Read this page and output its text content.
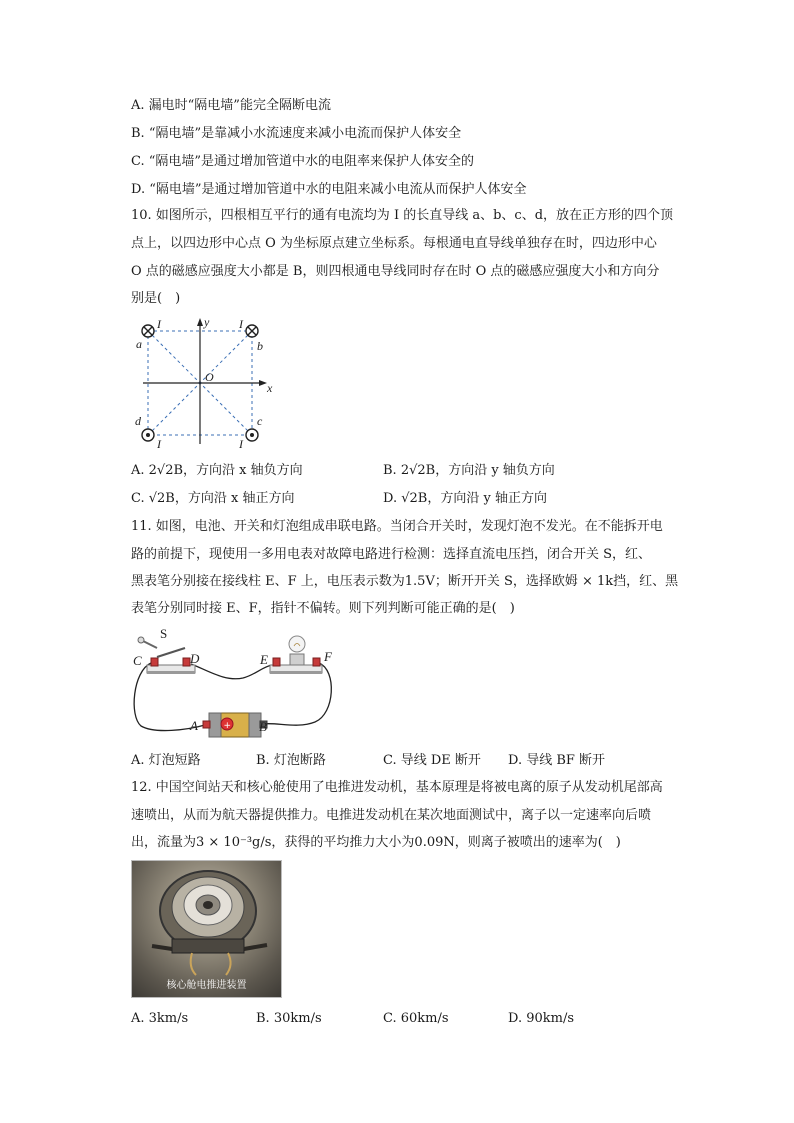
A. 漏电时“隔电墙”能完全隔断电流
B. “隔电墙”是靠减小水流速度来减小电流而保护人体安全
C. “隔电墙”是通过增加管道中水的电阻率来保护人体安全的
D. “隔电墙”是通过增加管道中水的电阻来减小电流从而保护人体安全
10. 如图所示，四根相互平行的通有电流均为 I 的长直导线 a、b、c、d，放在正方形的四个顶
点上，以四边形中心点 O 为坐标原点建立坐标系。每根通电直导线单独存在时，四边形中心
O 点的磁感应强度大小都是 B，则四根通电导线同时存在时 O 点的磁感应强度大小和方向分
别是(　)
I	I
I	I
a	b
c
d
O
x
y
A. 2√2B，方向沿 x 轴负方向	B. 2√2B，方向沿 y 轴负方向
C. √2B，方向沿 x 轴正方向	D. √2B，方向沿 y 轴正方向
11. 如图，电池、开关和灯泡组成串联电路。当闭合开关时，发现灯泡不发光。在不能拆开电
路的前提下，现使用一多用电表对故障电路进行检测：选择直流电压挡，闭合开关 S，红、
黑表笔分别接在接线柱 E、F 上，电压表示数为1.5V；断开开关 S，选择欧姆 × 1k挡，红、黑
表笔分别同时接 E、F，指针不偏转。则下列判断可能正确的是(　)
+
S
C	D	E	F
A	B
A. 灯泡短路	B. 灯泡断路	C. 导线 DE 断开 D. 导线 BF 断开
12. 中国空间站天和核心舱使用了电推进发动机，基本原理是将被电离的原子从发动机尾部高
速喷出，从而为航天器提供推力。电推进发动机在某次地面测试中，离子以一定速率向后喷
出，流量为3 × 10⁻³g/s，获得的平均推力大小为0.09N，则离子被喷出的速率为(　)
核心舱电推进装置
A. 3km/s	B. 30km/s	C. 60km/s	D. 90km/s
